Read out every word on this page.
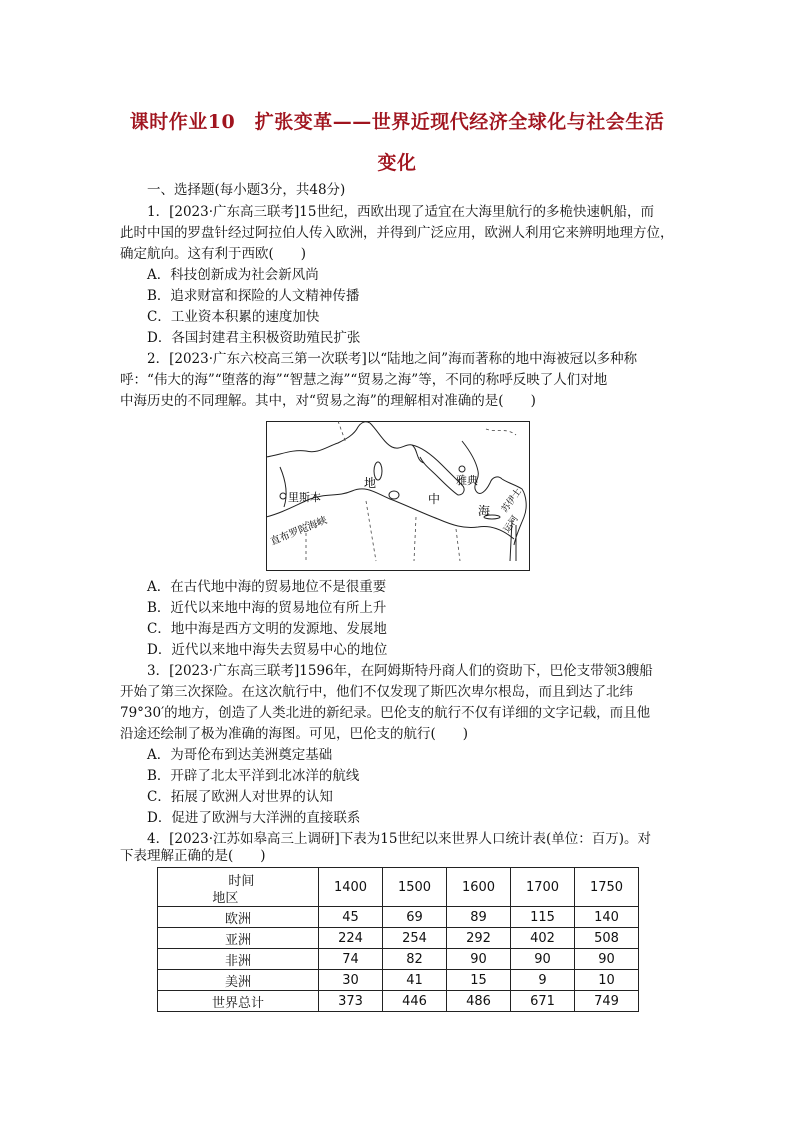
课时作业10　扩张变革——世界近现代经济全球化与社会生活
变化
一、选择题(每小题3分，共48分)
1．[2023·广东高三联考]15世纪，西欧出现了适宜在大海里航行的多桅快速帆船，而
此时中国的罗盘针经过阿拉伯人传入欧洲，并得到广泛应用，欧洲人利用它来辨明地理方位，
确定航向。这有利于西欧(　　)
A．科技创新成为社会新风尚
B．追求财富和探险的人文精神传播
C．工业资本积累的速度加快
D．各国封建君主积极资助殖民扩张
2．[2023·广东六校高三第一次联考]以“陆地之间”海而著称的地中海被冠以多种称
呼：“伟大的海”“堕落的海”“智慧之海”“贸易之海”等，不同的称呼反映了人们对地
中海历史的不同理解。其中，对“贸易之海”的理解相对准确的是(　　)
里斯本
雅典
地
中
海
直布罗陀海峡
苏伊士
运河
A．在古代地中海的贸易地位不是很重要
B．近代以来地中海的贸易地位有所上升
C．地中海是西方文明的发源地、发展地
D．近代以来地中海失去贸易中心的地位
3．[2023·广东高三联考]1596年，在阿姆斯特丹商人们的资助下，巴伦支带领3艘船
开始了第三次探险。在这次航行中，他们不仅发现了斯匹次卑尔根岛，而且到达了北纬
79°30′的地方，创造了人类北进的新纪录。巴伦支的航行不仅有详细的文字记载，而且他
沿途还绘制了极为准确的海图。可见，巴伦支的航行(　　)
A．为哥伦布到达美洲奠定基础
B．开辟了北太平洋到北冰洋的航线
C．拓展了欧洲人对世界的认知
D．促进了欧洲与大洋洲的直接联系
4．[2023·江苏如皋高三上调研]下表为15世纪以来世界人口统计表(单位：百万)。对
下表理解正确的是(　　)
时间
地区	1400	1500	1600	1700	1750
欧洲	45	69	89	115	140
亚洲	224	254	292	402	508
非洲	74	82	90	90	90
美洲	30	41	15	9	10
世界总计	373	446	486	671	749
